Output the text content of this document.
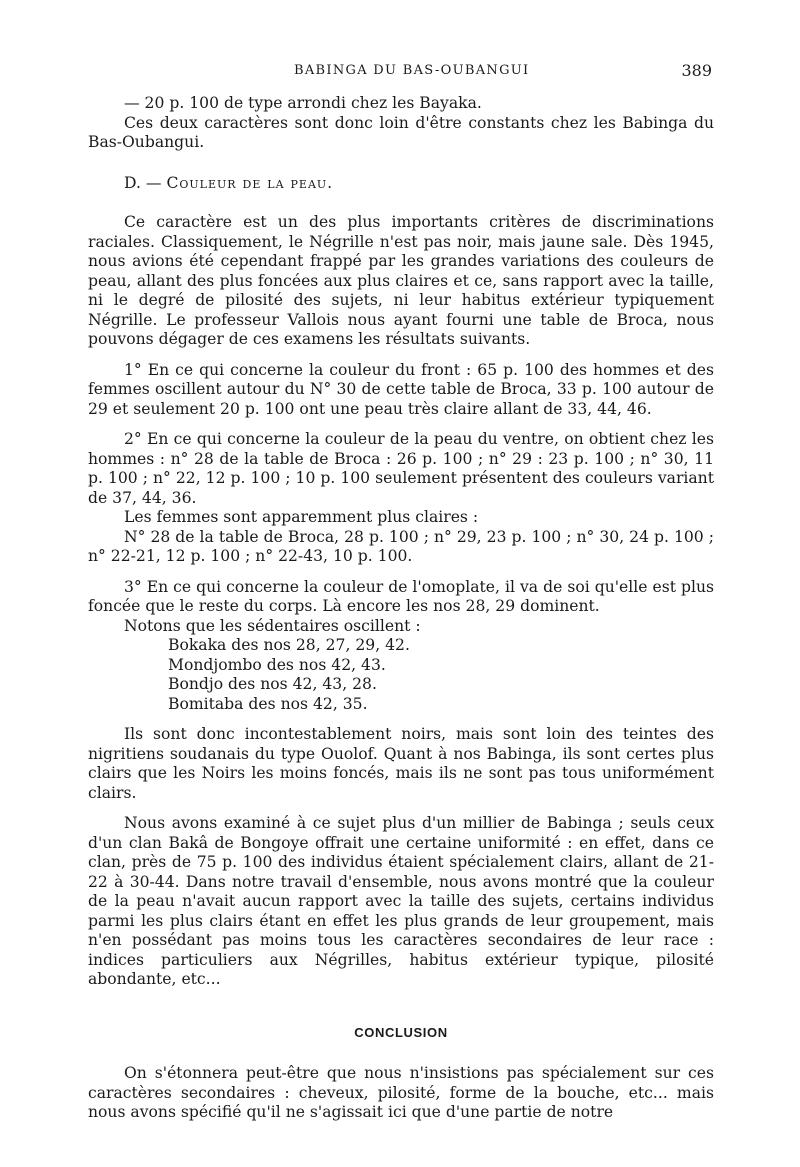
BABINGA DU BAS-OUBANGUI	389

— 20 p. 100 de type arrondi chez les Bayaka.

Ces deux caractères sont donc loin d'être constants chez les Babinga du Bas-Oubangui.

D. — Couleur de la peau.

Ce caractère est un des plus importants critères de discriminations raciales. Classiquement, le Négrille n'est pas noir, mais jaune sale. Dès 1945, nous avions été cependant frappé par les grandes variations des couleurs de peau, allant des plus foncées aux plus claires et ce, sans rapport avec la taille, ni le degré de pilosité des sujets, ni leur habitus extérieur typiquement Négrille. Le professeur Vallois nous ayant fourni une table de Broca, nous pouvons dégager de ces examens les résultats suivants.

1° En ce qui concerne la couleur du front : 65 p. 100 des hommes et des femmes oscillent autour du N° 30 de cette table de Broca, 33 p. 100 autour de 29 et seulement 20 p. 100 ont une peau très claire allant de 33, 44, 46.

2° En ce qui concerne la couleur de la peau du ventre, on obtient chez les hommes : n° 28 de la table de Broca : 26 p. 100 ; n° 29 : 23 p. 100 ; n° 30, 11 p. 100 ; n° 22, 12 p. 100 ; 10 p. 100 seulement présentent des couleurs variant de 37, 44, 36.

Les femmes sont apparemment plus claires :

N° 28 de la table de Broca, 28 p. 100 ; n° 29, 23 p. 100 ; n° 30, 24 p. 100 ; n° 22-21, 12 p. 100 ; n° 22-43, 10 p. 100.

3° En ce qui concerne la couleur de l'omoplate, il va de soi qu'elle est plus foncée que le reste du corps. Là encore les nos 28, 29 dominent.

Notons que les sédentaires oscillent :

Bokaka des nos 28, 27, 29, 42.
Mondjombo des nos 42, 43.
Bondjo des nos 42, 43, 28.
Bomitaba des nos 42, 35.

Ils sont donc incontestablement noirs, mais sont loin des teintes des nigritiens soudanais du type Ouolof. Quant à nos Babinga, ils sont certes plus clairs que les Noirs les moins foncés, mais ils ne sont pas tous uniformément clairs.

Nous avons examiné à ce sujet plus d'un millier de Babinga ; seuls ceux d'un clan Bakâ de Bongoye offrait une certaine uniformité : en effet, dans ce clan, près de 75 p. 100 des individus étaient spécialement clairs, allant de 21-22 à 30-44. Dans notre travail d'ensemble, nous avons montré que la couleur de la peau n'avait aucun rapport avec la taille des sujets, certains individus parmi les plus clairs étant en effet les plus grands de leur groupement, mais n'en possédant pas moins tous les caractères secondaires de leur race : indices particuliers aux Négrilles, habitus extérieur typique, pilosité abondante, etc...

CONCLUSION

On s'étonnera peut-être que nous n'insistions pas spécialement sur ces caractères secondaires : cheveux, pilosité, forme de la bouche, etc... mais nous avons spécifié qu'il ne s'agissait ici que d'une partie de notre
